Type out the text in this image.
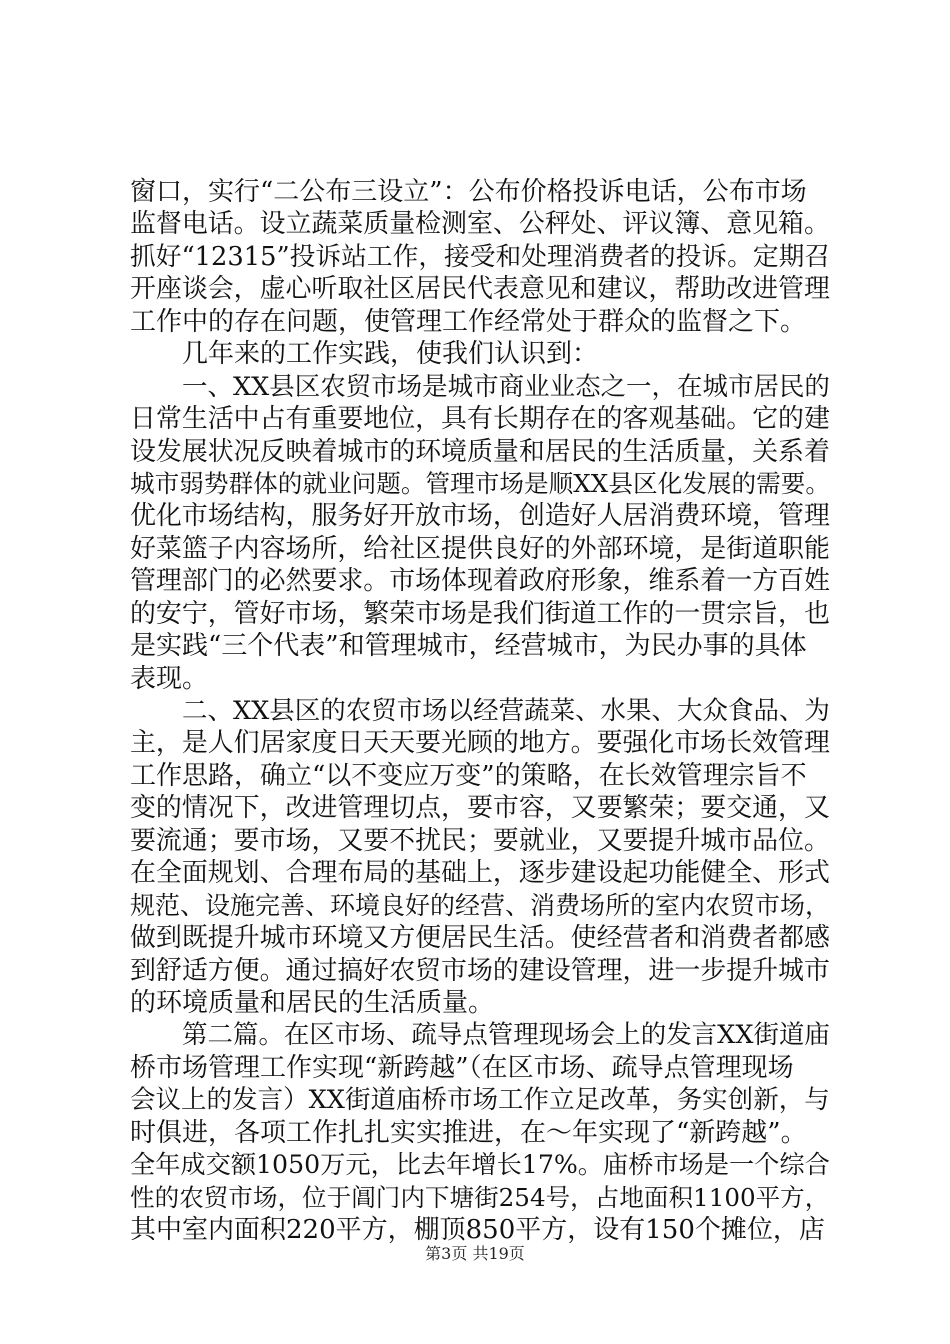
窗口，实行“二公布三设立”：公布价格投诉电话，公布市场
监督电话。设立蔬菜质量检测室、公秤处、评议簿、意见箱。
抓好“12315”投诉站工作，接受和处理消费者的投诉。定期召
开座谈会，虚心听取社区居民代表意见和建议，帮助改进管理
工作中的存在问题，使管理工作经常处于群众的监督之下。
几年来的工作实践，使我们认识到：
一、XX县区农贸市场是城市商业业态之一，在城市居民的
日常生活中占有重要地位，具有长期存在的客观基础。它的建
设发展状况反映着城市的环境质量和居民的生活质量，关系着
城市弱势群体的就业问题。管理市场是顺XX县区化发展的需要。
优化市场结构，服务好开放市场，创造好人居消费环境，管理
好菜篮子内容场所，给社区提供良好的外部环境，是街道职能
管理部门的必然要求。市场体现着政府形象，维系着一方百姓
的安宁，管好市场，繁荣市场是我们街道工作的一贯宗旨，也
是实践“三个代表”和管理城市，经营城市，为民办事的具体
表现。
二、XX县区的农贸市场以经营蔬菜、水果、大众食品、为
主，是人们居家度日天天要光顾的地方。要强化市场长效管理
工作思路，确立“以不变应万变”的策略，在长效管理宗旨不
变的情况下，改进管理切点，要市容，又要繁荣；要交通，又
要流通；要市场，又要不扰民；要就业，又要提升城市品位。
在全面规划、合理布局的基础上，逐步建设起功能健全、形式
规范、设施完善、环境良好的经营、消费场所的室内农贸市场，
做到既提升城市环境又方便居民生活。使经营者和消费者都感
到舒适方便。通过搞好农贸市场的建设管理，进一步提升城市
的环境质量和居民的生活质量。
第二篇。在区市场、疏导点管理现场会上的发言XX街道庙
桥市场管理工作实现“新跨越”（在区市场、疏导点管理现场
会议上的发言）XX街道庙桥市场工作立足改革，务实创新，与
时俱进，各项工作扎扎实实推进，在～年实现了“新跨越”。
全年成交额1050万元，比去年增长17%。庙桥市场是一个综合
性的农贸市场，位于阊门内下塘街254号，占地面积1100平方，
其中室内面积220平方，棚顶850平方，设有150个摊位，店
第3页 共19页
